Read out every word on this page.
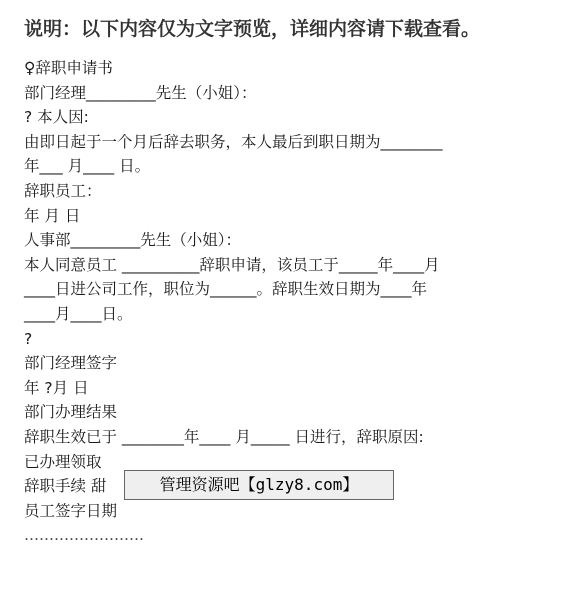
说明：以下内容仅为文字预览，详细内容请下载查看。
♀辞职申请书
部门经理_________先生（小姐）：
? 本人因:
由即日起于一个月后辞去职务，本人最后到职日期为________
年___ 月____ 日。
辞职员工：
年 月 日
人事部_________先生（小姐）：
本人同意员工 __________辞职申请，该员工于_____年____月
____日进公司工作，职位为______。辞职生效日期为____年
____月____日。
?
部门经理签字
年 ?月 日
部门办理结果
辞职生效已于 ________年____ 月_____ 日进行，辞职原因:
已办理领取
辞职手续 甜
员工签字日期
……………………
管理资源吧【glzy8.com】
